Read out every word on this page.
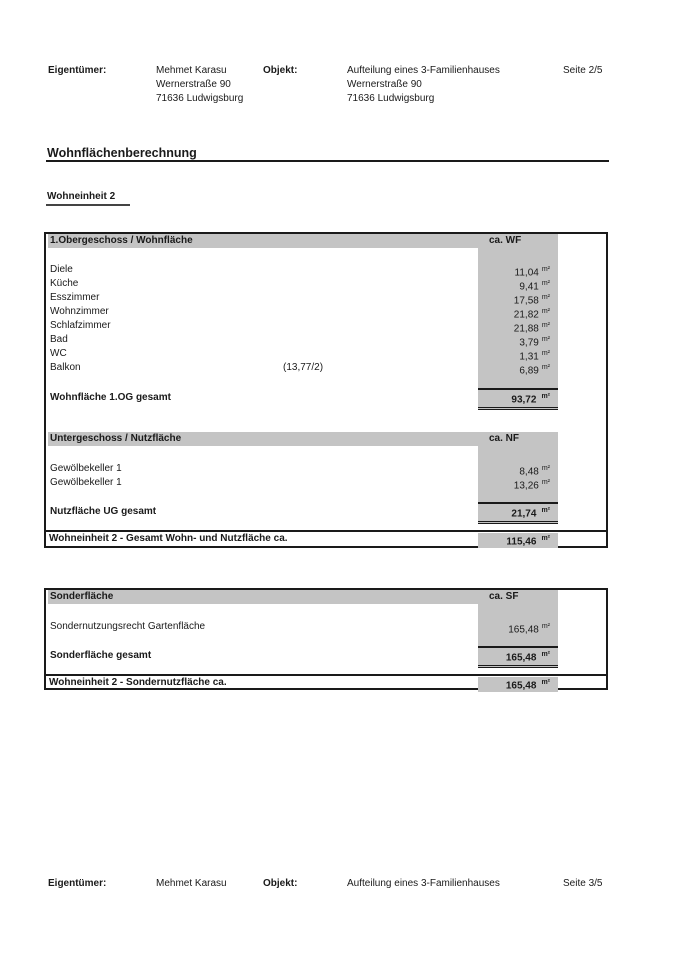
Eigentümer:	Mehmet Karasu
Wernerstraße 90
71636 Ludwigsburg
Objekt:	Aufteilung eines 3-Familienhauses
Wernerstraße 90
71636 Ludwigsburg
Seite 2/5
Wohnflächenberechnung
Wohneinheit 2
1.Obergeschoss / Wohnfläche	ca. WF
Diele	11,04 $^{m^2}$
Küche	9,41 $^{m^2}$
Esszimmer	17,58 $^{m^2}$
Wohnzimmer	21,82 $^{m^2}$
Schlafzimmer	21,88 $^{m^2}$
Bad	3,79 $^{m^2}$
WC	1,31 $^{m^2}$
Balkon	(13,77/2)	6,89 $^{m^2}$
Wohnfläche 1.OG gesamt	93,72 $^{m^2}$
Untergeschoss / Nutzfläche	ca. NF
Gewölbekeller 1	8,48 $^{m^2}$
Gewölbekeller 1	13,26 $^{m^2}$
Nutzfläche UG gesamt	21,74 $^{m^2}$
Wohneinheit 2 - Gesamt Wohn- und Nutzfläche ca.	115,46 $^{m^2}$
Sonderfläche	ca. SF
Sondernutzungsrecht Gartenfläche	165,48 $^{m^2}$
Sonderfläche gesamt	165,48 $^{m^2}$
Wohneinheit 2 - Sondernutzfläche ca.	165,48 $^{m^2}$
Eigentümer:	Mehmet Karasu	Objekt:	Aufteilung eines 3-Familienhauses	Seite 3/5
